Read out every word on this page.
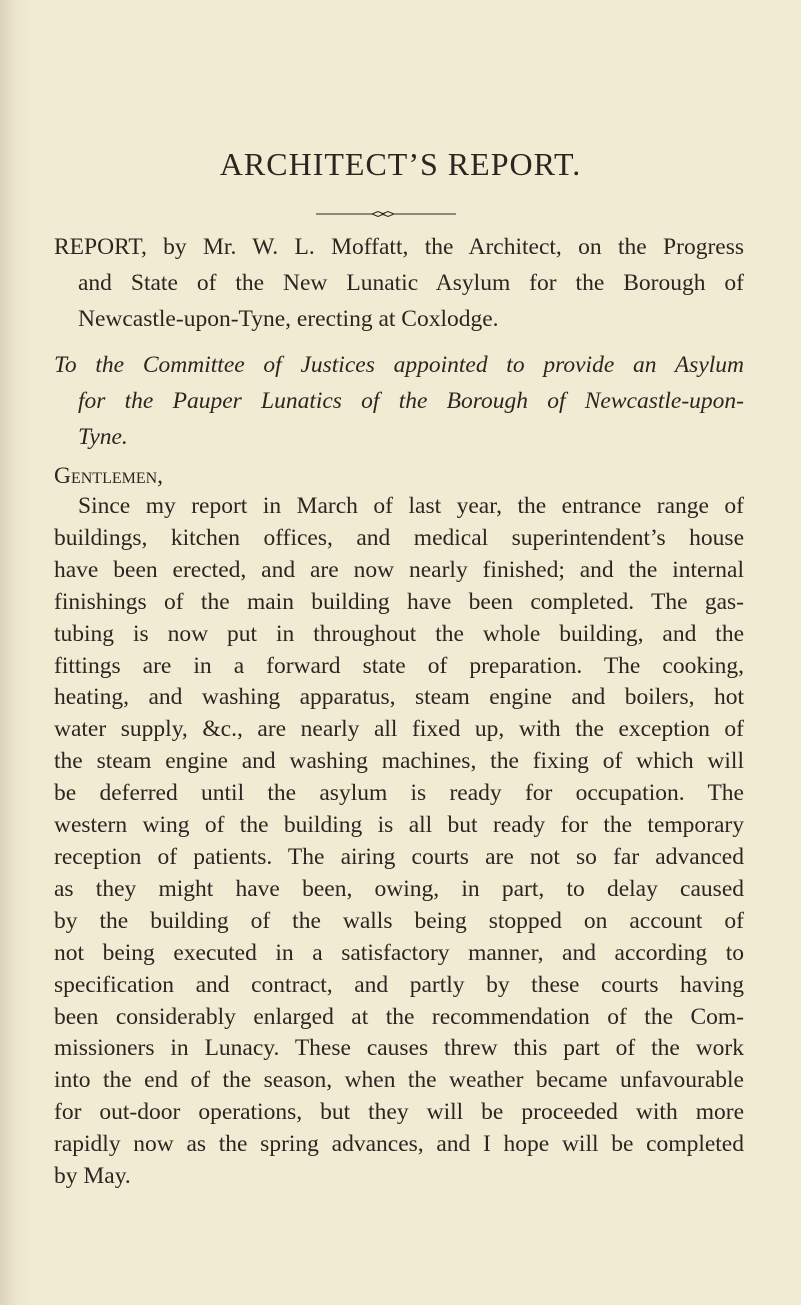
ARCHITECT’S REPORT.

REPORT, by Mr. W. L. Moffatt, the Architect, on the Progress
and State of the New Lunatic Asylum for the Borough of
Newcastle-upon-Tyne, erecting at Coxlodge.

To the Committee of Justices appointed to provide an Asylum
for the Pauper Lunatics of the Borough of Newcastle-upon-
Tyne.

Gentlemen,

Since my report in March of last year, the entrance range of
buildings, kitchen offices, and medical superintendent’s house
have been erected, and are now nearly finished; and the internal
finishings of the main building have been completed. The gas-
tubing is now put in throughout the whole building, and the
fittings are in a forward state of preparation. The cooking,
heating, and washing apparatus, steam engine and boilers, hot
water supply, &c., are nearly all fixed up, with the exception of
the steam engine and washing machines, the fixing of which will
be deferred until the asylum is ready for occupation. The
western wing of the building is all but ready for the temporary
reception of patients. The airing courts are not so far advanced
as they might have been, owing, in part, to delay caused
by the building of the walls being stopped on account of
not being executed in a satisfactory manner, and according to
specification and contract, and partly by these courts having
been considerably enlarged at the recommendation of the Com-
missioners in Lunacy. These causes threw this part of the work
into the end of the season, when the weather became unfavourable
for out-door operations, but they will be proceeded with more
rapidly now as the spring advances, and I hope will be completed
by May.
